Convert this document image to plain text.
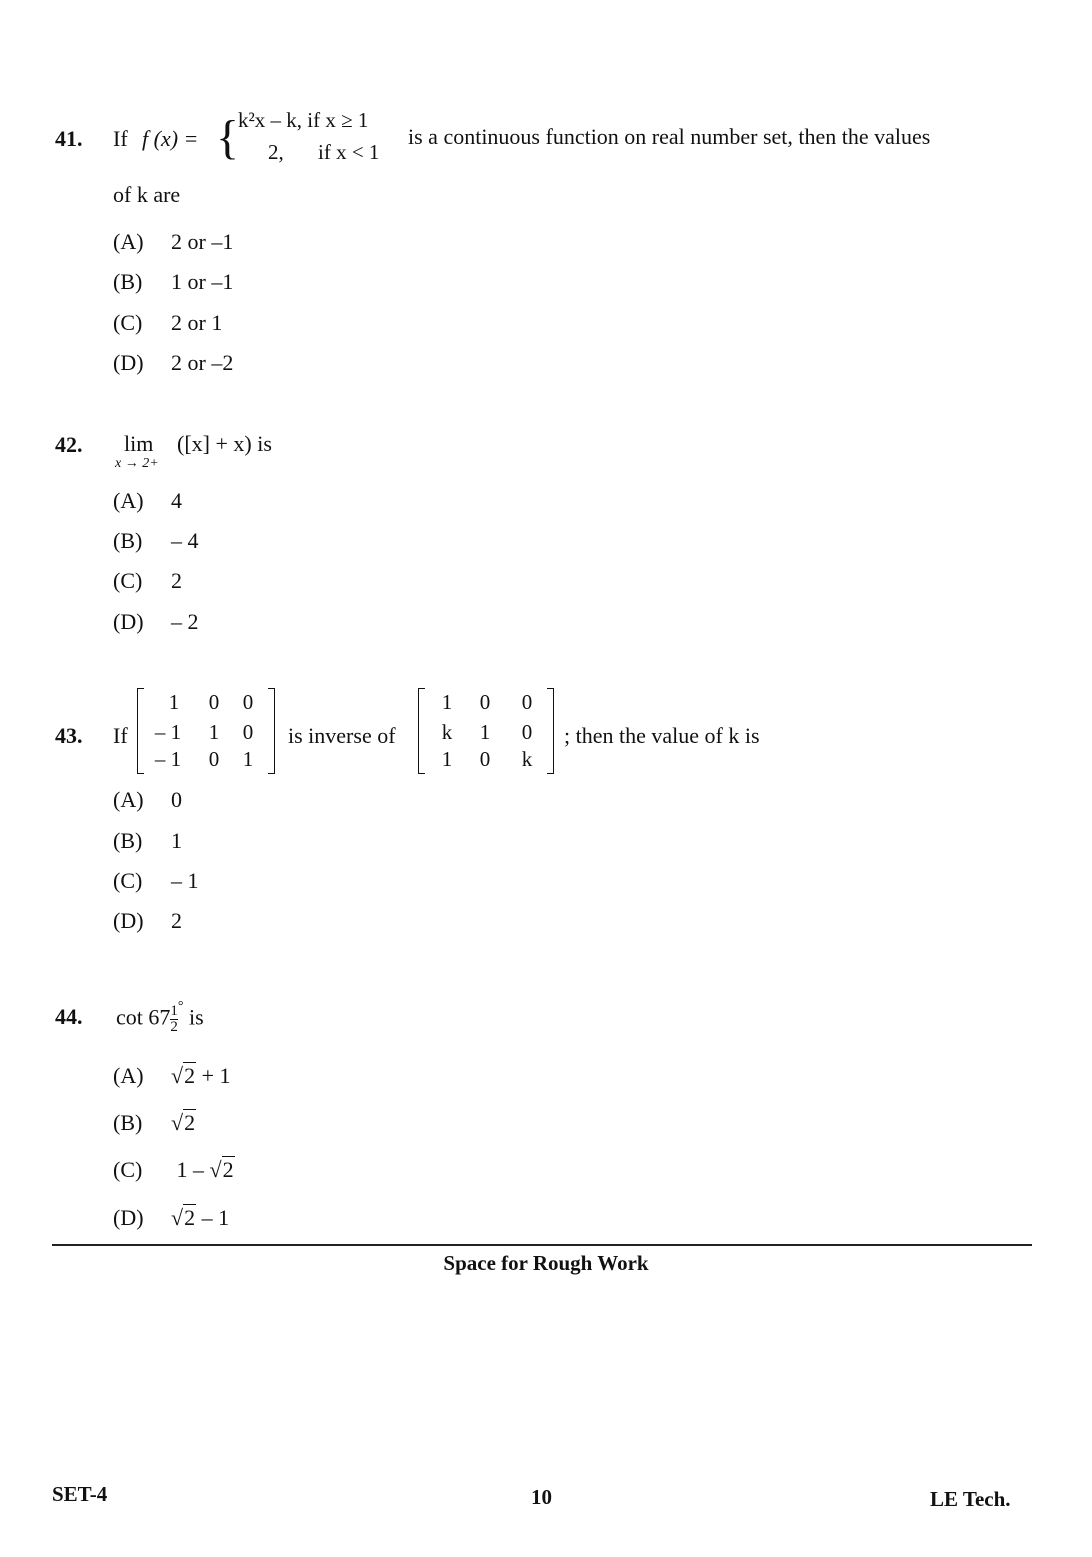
41. If f (x) = {
k²x – k, if x ≥ 1
2, if x < 1
is a continuous function on real number set, then the values
of k are
(A) 2 or –1
(B) 1 or –1
(C) 2 or 1
(D) 2 or –2
42. lim
x → 2+
([x] + x) is
(A) 4
(B) – 4
(C) 2
(D) – 2
43. If
1	0	0
– 1	1	0
– 1	0	1
is inverse of
1	0	0
k	1	0
1	0	k
; then the value of k is
(A) 0
(B) 1
(C) – 1
(D) 2
44. $\cot 67 \frac{1}{2} ^\circ$ is
(A) √2 + 1
(B) √2
(C) 1 – √2
(D) √2 – 1
Space for Rough Work
SET-4	10	LE Tech.
